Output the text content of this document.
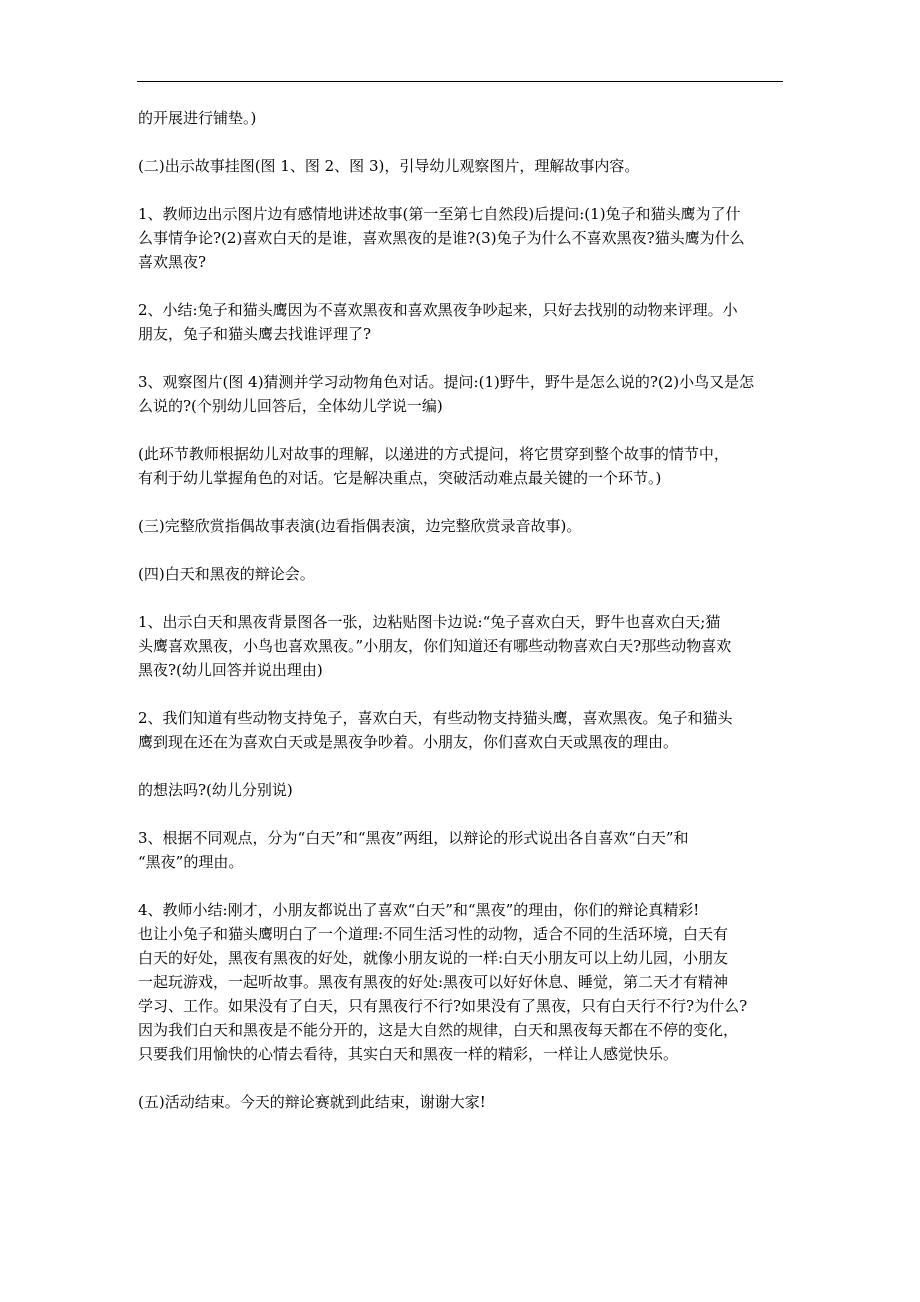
的开展进行铺垫。)

(二)出示故事挂图(图 1、图 2、图 3)，引导幼儿观察图片，理解故事内容。

1、教师边出示图片边有感情地讲述故事(第一至第七自然段)后提问:(1)兔子和猫头鹰为了什
么事情争论?(2)喜欢白天的是谁，喜欢黑夜的是谁?(3)兔子为什么不喜欢黑夜?猫头鹰为什么
喜欢黑夜?

2、小结:兔子和猫头鹰因为不喜欢黑夜和喜欢黑夜争吵起来，只好去找别的动物来评理。小
朋友，兔子和猫头鹰去找谁评理了?

3、观察图片(图 4)猜测并学习动物角色对话。提问:(1)野牛，野牛是怎么说的?(2)小鸟又是怎
么说的?(个别幼儿回答后，全体幼儿学说一编)

(此环节教师根据幼儿对故事的理解，以递进的方式提问，将它贯穿到整个故事的情节中，
有利于幼儿掌握角色的对话。它是解决重点，突破活动难点最关键的一个环节。)

(三)完整欣赏指偶故事表演(边看指偶表演，边完整欣赏录音故事)。

(四)白天和黑夜的辩论会。

1、出示白天和黑夜背景图各一张，边粘贴图卡边说:“兔子喜欢白天，野牛也喜欢白天;猫
头鹰喜欢黑夜，小鸟也喜欢黑夜。”小朋友，你们知道还有哪些动物喜欢白天?那些动物喜欢
黑夜?(幼儿回答并说出理由)

2、我们知道有些动物支持兔子，喜欢白天，有些动物支持猫头鹰，喜欢黑夜。兔子和猫头
鹰到现在还在为喜欢白天或是黑夜争吵着。小朋友，你们喜欢白天或黑夜的理由。

的想法吗?(幼儿分别说)

3、根据不同观点，分为“白天”和“黑夜”两组，以辩论的形式说出各自喜欢“白天”和
“黑夜”的理由。

4、教师小结:刚才，小朋友都说出了喜欢“白天”和“黑夜”的理由，你们的辩论真精彩!
也让小兔子和猫头鹰明白了一个道理:不同生活习性的动物，适合不同的生活环境，白天有
白天的好处，黑夜有黑夜的好处，就像小朋友说的一样:白天小朋友可以上幼儿园，小朋友
一起玩游戏，一起听故事。黑夜有黑夜的好处:黑夜可以好好休息、睡觉，第二天才有精神
学习、工作。如果没有了白天，只有黑夜行不行?如果没有了黑夜，只有白天行不行?为什么?
因为我们白天和黑夜是不能分开的，这是大自然的规律，白天和黑夜每天都在不停的变化，
只要我们用愉快的心情去看待，其实白天和黑夜一样的精彩，一样让人感觉快乐。

(五)活动结束。今天的辩论赛就到此结束，谢谢大家!
